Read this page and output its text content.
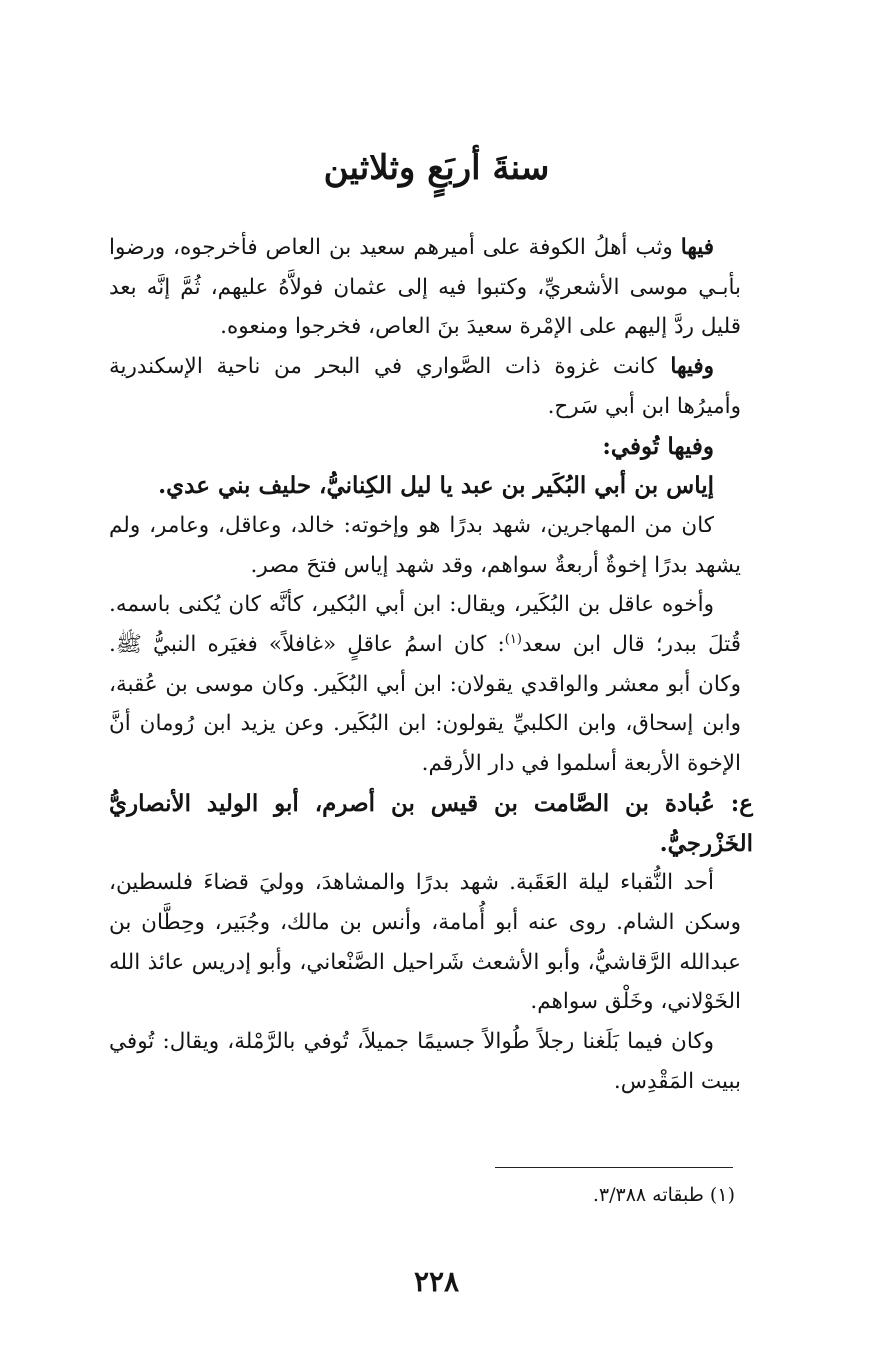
سنةَ أربَعٍ وثلاثين

فيها وثب أهلُ الكوفة على أميرهم سعيد بن العاص فأخرجوه، ورضوا بأبـي موسى الأشعريِّ، وكتبوا فيه إلى عثمان فولاَّهُ عليهم، ثُمَّ إنَّه بعد قليل ردَّ إليهم على الإمْرة سعيدَ بنَ العاص، فخرجوا ومنعوه.

وفيها كانت غزوة ذات الصَّواري في البحر من ناحية الإسكندرية وأميرُها ابن أبي سَرح.

وفيها تُوفي:

إياس بن أبي البُكَير بن عبد يا ليل الكِنانيُّ، حليف بني عدي.

كان من المهاجرين، شهد بدرًا هو وإخوته: خالد، وعاقل، وعامر، ولم يشهد بدرًا إخوةٌ أربعةٌ سواهم، وقد شهد إياس فتحَ مصر.

وأخوه عاقل بن البُكَير، ويقال: ابن أبي البُكير، كأنَّه كان يُكنى باسمه. قُتلَ ببدر؛ قال ابن سعد$^{(١)}$: كان اسمُ عاقلٍ «غافلاً» فغيَره النبيُّ ﷺ. وكان أبو معشر والواقدي يقولان: ابن أبي البُكَير. وكان موسى بن عُقبة، وابن إسحاق، وابن الكلبيِّ يقولون: ابن البُكَير. وعن يزيد ابن رُومان أنَّ الإخوة الأربعة أسلموا في دار الأرقم.

ع: عُبادة بن الصَّامت بن قيس بن أصرم، أبو الوليد الأنصاريُّ الخَزْرجيُّ.

أحد النُّقباء ليلة العَقَبة. شهد بدرًا والمشاهدَ، ووليَ قضاءَ فلسطين، وسكن الشام. روى عنه أبو أُمامة، وأنس بن مالك، وجُبَير، وحِطَّان بن عبدالله الرَّقاشيُّ، وأبو الأشعث شَراحيل الصَّنْعاني، وأبو إدريس عائذ الله الخَوْلاني، وخَلْق سواهم.

وكان فيما بَلَغنا رجلاً طُوالاً جسيمًا جميلاً، تُوفي بالرَّمْلة، ويقال: تُوفي ببيت المَقْدِس.

(١) طبقاته ٣/٣٨٨.

٢٢٨
